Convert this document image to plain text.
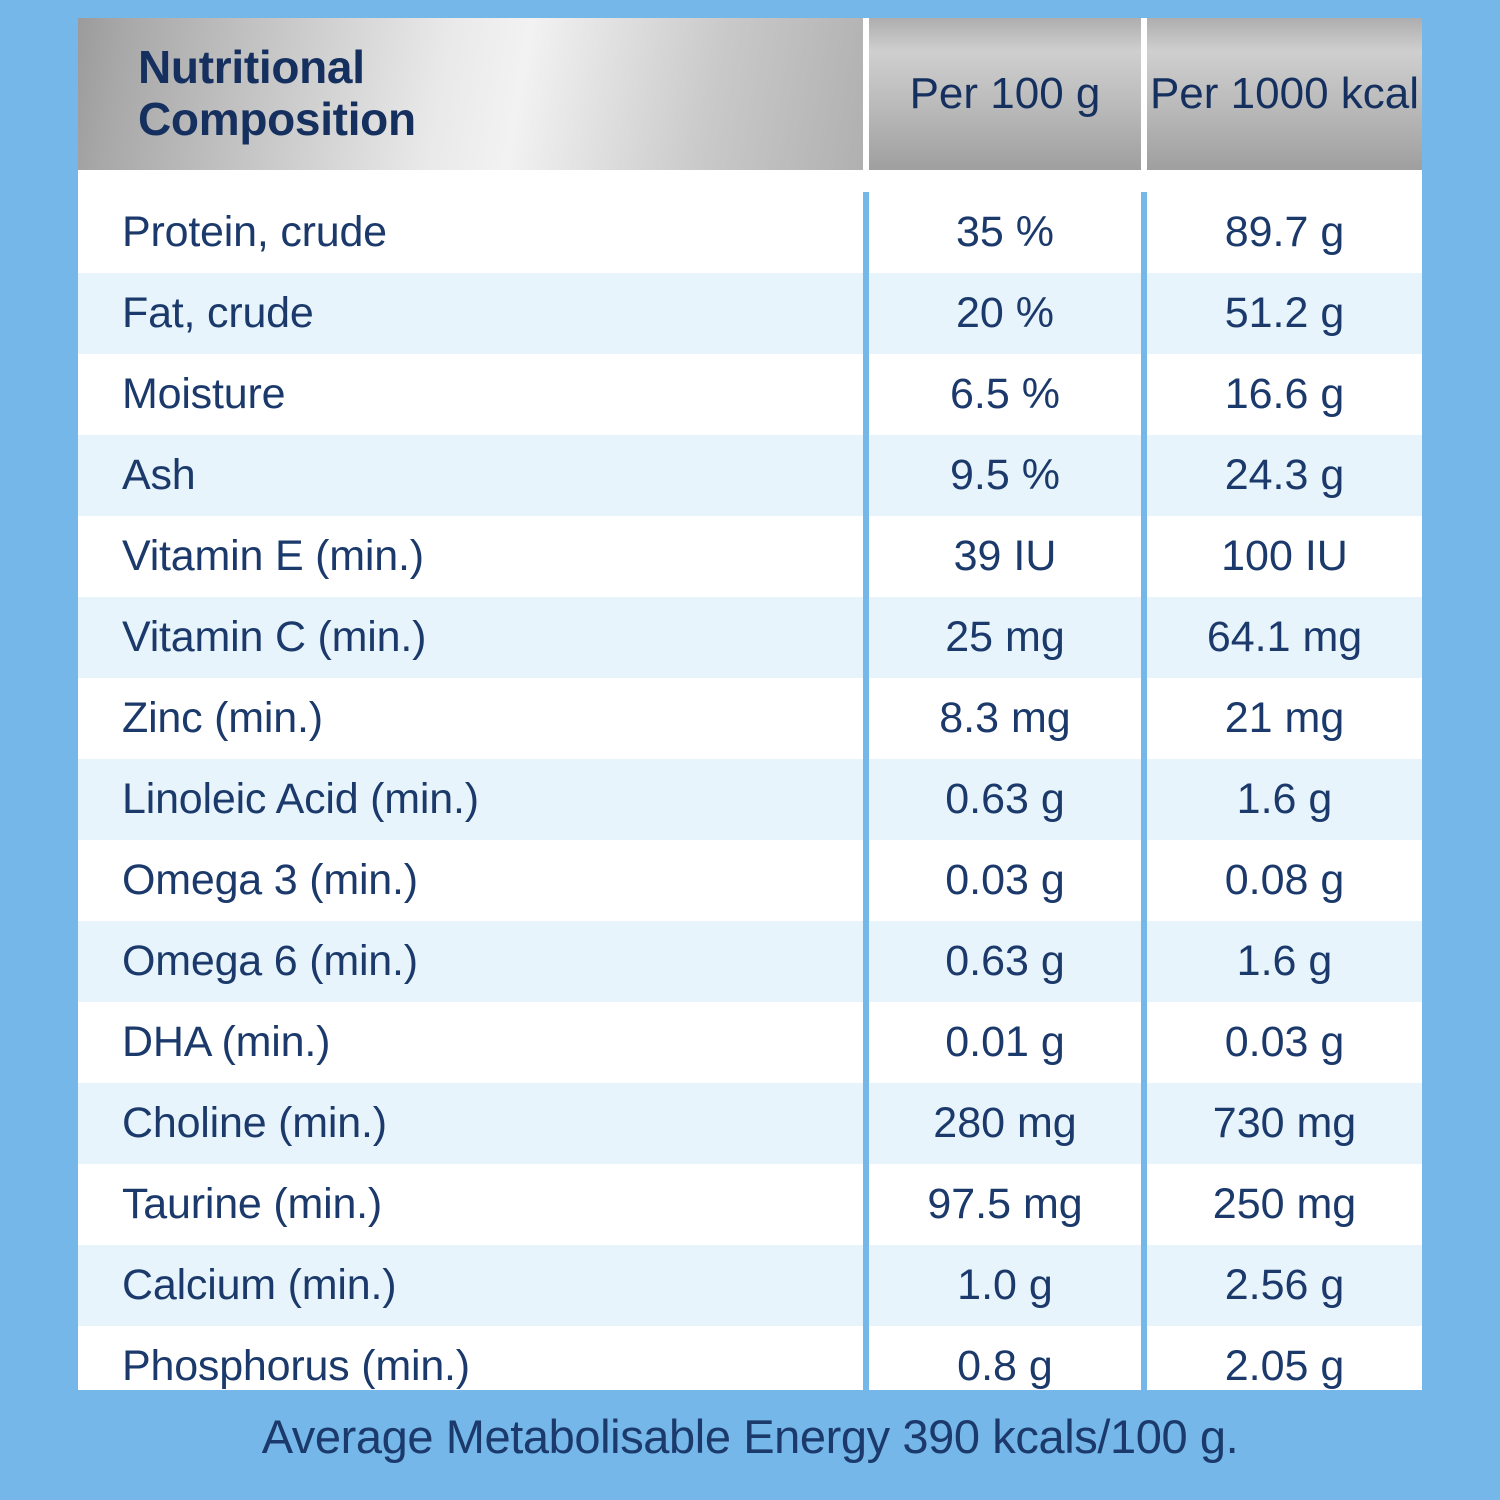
Nutritional
Composition	Per 100 g	Per 1000 kcal

Protein, crude	35 %	89.7 g
Fat, crude	20 %	51.2 g
Moisture	6.5 %	16.6 g
Ash	9.5 %	24.3 g
Vitamin E (min.)	39 IU	100 IU
Vitamin C (min.)	25 mg	64.1 mg
Zinc (min.)	8.3 mg	21 mg
Linoleic Acid (min.)	0.63 g	1.6 g
Omega 3 (min.)	0.03 g	0.08 g
Omega 6 (min.)	0.63 g	1.6 g
DHA (min.)	0.01 g	0.03 g
Choline (min.)	280 mg	730 mg
Taurine (min.)	97.5 mg	250 mg
Calcium (min.)	1.0 g	2.56 g
Phosphorus (min.)	0.8 g	2.05 g
Average Metabolisable Energy 390 kcals/100 g.
